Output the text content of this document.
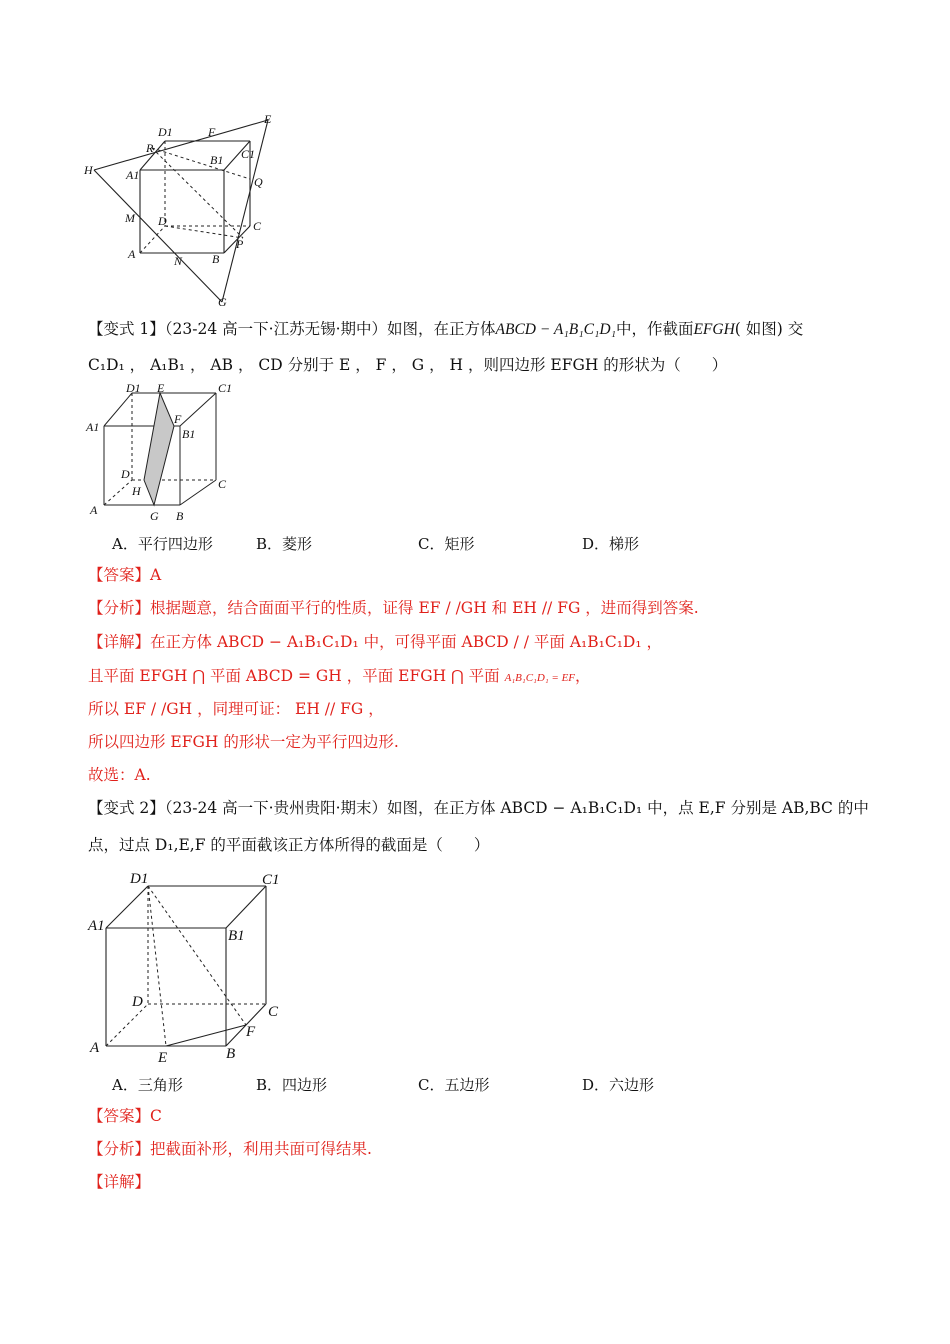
D1	F
E
R
B1 C1
H	A1	Q
M D	C
P
A	N B
G
【变式 1】（23-24 高一下·江苏无锡·期中）如图，在正方体ABCD − A₁B₁C₁D₁中，作截面EFGH( 如图) 交
C₁D₁ ， A₁B₁ ， AB ， CD 分别于 E ， F ， G ， H ，则四边形 EFGH 的形状为（　　）
D1 E	C1
A1
F
B1
D
C
H
A	G B
A．平行四边形	B．菱形	C．矩形	D．梯形
【答案】A
【分析】根据题意，结合面面平行的性质，证得 EF / /GH 和 EH // FG ，进而得到答案.
【详解】在正方体 ABCD − A₁B₁C₁D₁ 中，可得平面 ABCD / / 平面 A₁B₁C₁D₁ ，
且平面 EFGH ⋂ 平面 ABCD = GH ，平面 EFGH ⋂ 平面 A₁B₁C₁D₁ = EF，
所以 EF / /GH ，同理可证： EH // FG ，
所以四边形 EFGH 的形状一定为平行四边形.
故选：A.
【变式 2】（23-24 高一下·贵州贵阳·期末）如图，在正方体 ABCD − A₁B₁C₁D₁ 中，点 E,F 分别是 AB,BC 的中
点，过点 D₁,E,F 的平面截该正方体所得的截面是（　　）
D1	C1
A1
B1
D
C
F
A
E	B
A．三角形	B．四边形	C．五边形	D．六边形
【答案】C
【分析】把截面补形，利用共面可得结果.
【详解】
